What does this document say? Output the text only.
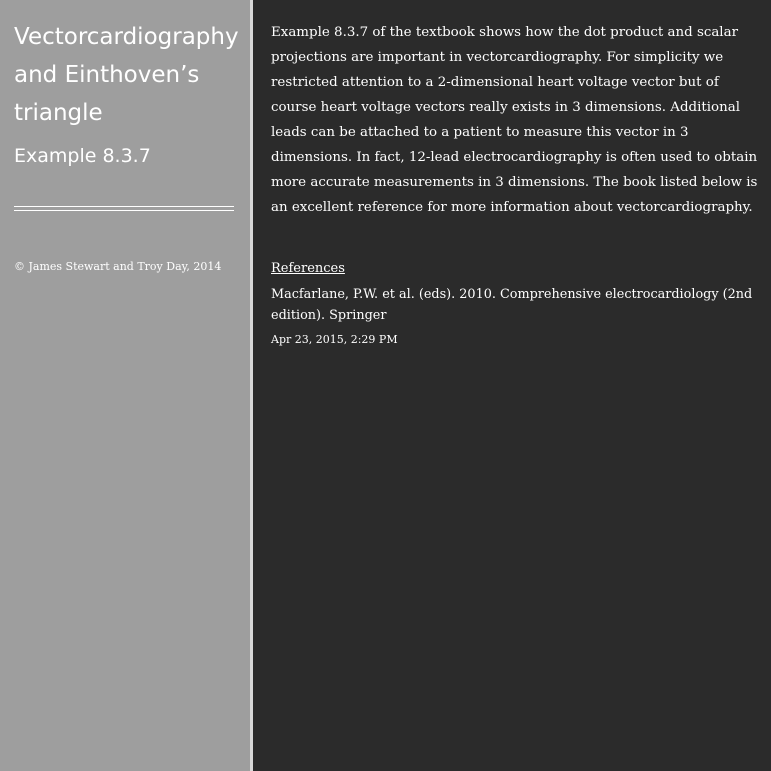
Vectorcardiography and Einthoven’s triangle
Example 8.3.7
© James Stewart and Troy Day, 2014

Example 8.3.7 of the textbook shows how the dot product and scalar projections are important in vectorcardiography. For simplicity we restricted attention to a 2-dimensional heart voltage vector but of course heart voltage vectors really exists in 3 dimensions. Additional leads can be attached to a patient to measure this vector in 3 dimensions. In fact, 12-lead electrocardiography is often used to obtain more accurate measurements in 3 dimensions. The book listed below is an excellent reference for more information about vectorcardiography.

References
Macfarlane, P.W. et al. (eds). 2010. Comprehensive electrocardiology (2nd edition). Springer
Apr 23, 2015, 2:29 PM
